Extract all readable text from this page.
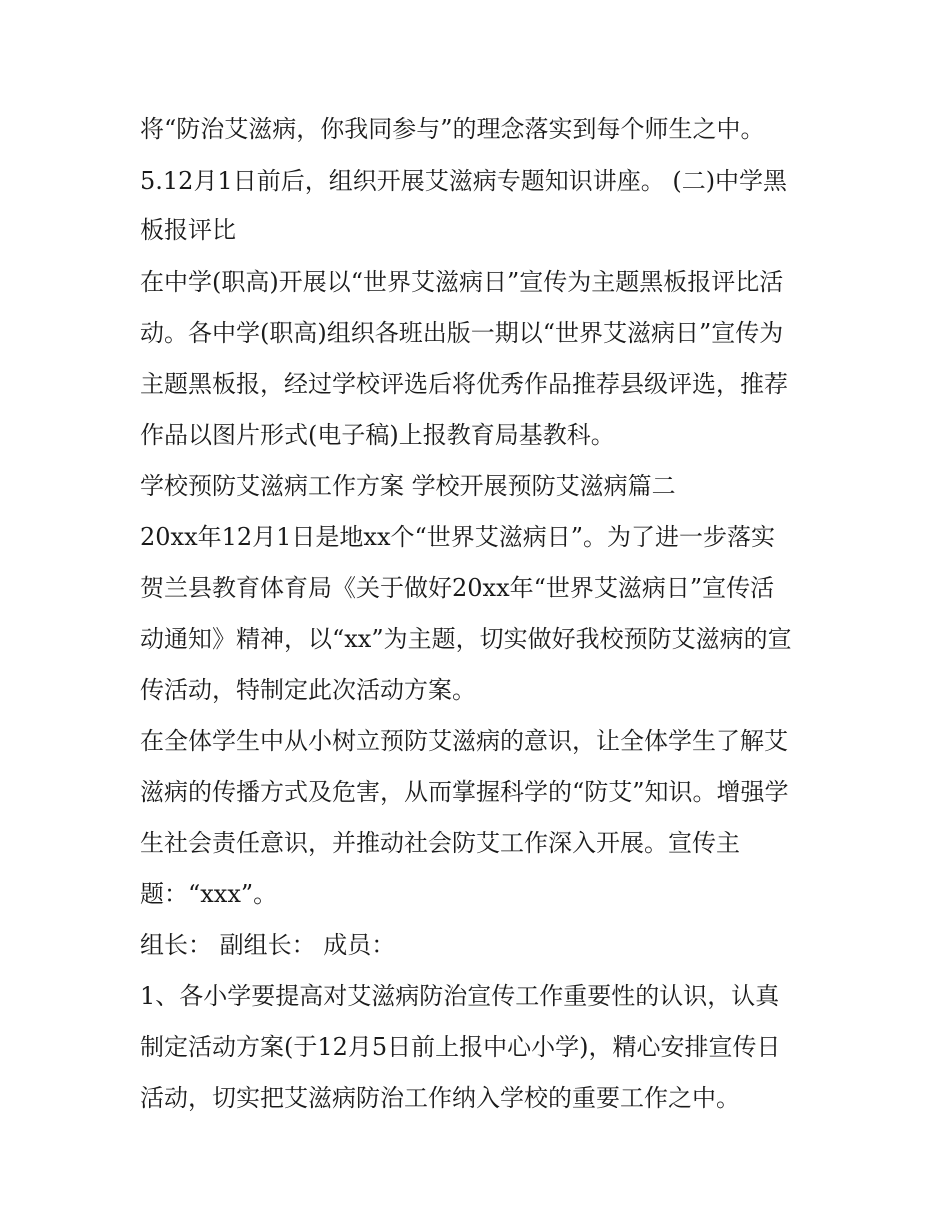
将“防治艾滋病，你我同参与”的理念落实到每个师生之中。
5.12月1日前后，组织开展艾滋病专题知识讲座。 (二)中学黑
板报评比
在中学(职高)开展以“世界艾滋病日”宣传为主题黑板报评比活
动。各中学(职高)组织各班出版一期以“世界艾滋病日”宣传为
主题黑板报，经过学校评选后将优秀作品推荐县级评选，推荐
作品以图片形式(电子稿)上报教育局基教科。
学校预防艾滋病工作方案 学校开展预防艾滋病篇二
20xx年12月1日是地xx个“世界艾滋病日”。为了进一步落实
贺兰县教育体育局《关于做好20xx年“世界艾滋病日”宣传活
动通知》精神，以“xx”为主题，切实做好我校预防艾滋病的宣
传活动，特制定此次活动方案。
在全体学生中从小树立预防艾滋病的意识，让全体学生了解艾
滋病的传播方式及危害，从而掌握科学的“防艾”知识。增强学
生社会责任意识，并推动社会防艾工作深入开展。宣传主
题：“xxx”。
组长： 副组长： 成员：
1、各小学要提高对艾滋病防治宣传工作重要性的认识，认真
制定活动方案(于12月5日前上报中心小学)，精心安排宣传日
活动，切实把艾滋病防治工作纳入学校的重要工作之中。
